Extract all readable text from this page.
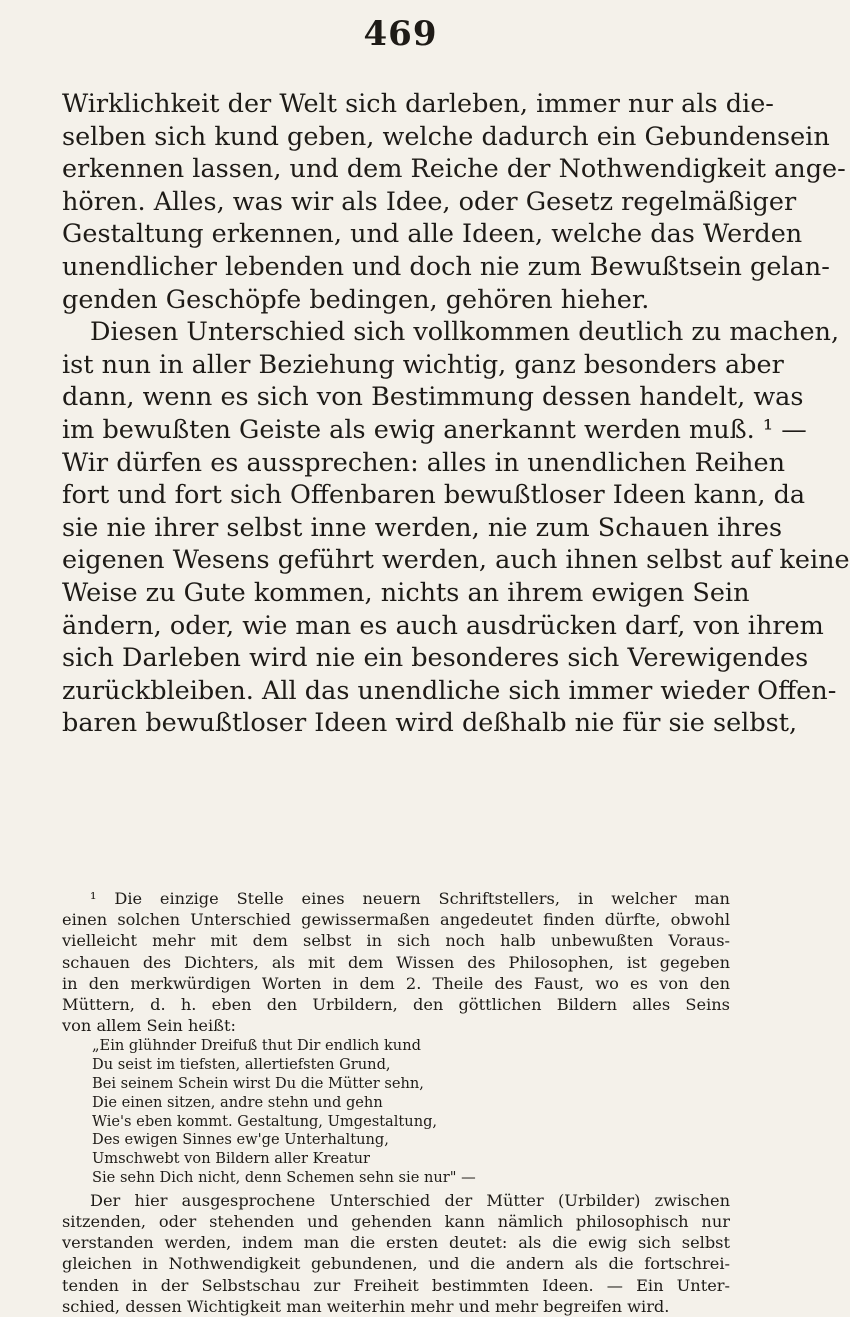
469
Wirklichkeit der Welt sich darleben, immer nur als die-
selben sich kund geben, welche dadurch ein Gebundensein
erkennen lassen, und dem Reiche der Nothwendigkeit ange-
hören. Alles, was wir als Idee, oder Gesetz regelmäßiger
Gestaltung erkennen, und alle Ideen, welche das Werden
unendlicher lebenden und doch nie zum Bewußtsein gelan-
genden Geschöpfe bedingen, gehören hieher.
Diesen Unterschied sich vollkommen deutlich zu machen,
ist nun in aller Beziehung wichtig, ganz besonders aber
dann, wenn es sich von Bestimmung dessen handelt, was
im bewußten Geiste als ewig anerkannt werden muß. ¹ —
Wir dürfen es aussprechen: alles in unendlichen Reihen
fort und fort sich Offenbaren bewußtloser Ideen kann, da
sie nie ihrer selbst inne werden, nie zum Schauen ihres
eigenen Wesens geführt werden, auch ihnen selbst auf keine
Weise zu Gute kommen, nichts an ihrem ewigen Sein
ändern, oder, wie man es auch ausdrücken darf, von ihrem
sich Darleben wird nie ein besonderes sich Verewigendes
zurückbleiben. All das unendliche sich immer wieder Offen-
baren bewußtloser Ideen wird deßhalb nie für sie selbst,
¹ Die einzige Stelle eines neuern Schriftstellers, in welcher man
einen solchen Unterschied gewissermaßen angedeutet finden dürfte, obwohl
vielleicht mehr mit dem selbst in sich noch halb unbewußten Voraus-
schauen des Dichters, als mit dem Wissen des Philosophen, ist gegeben
in den merkwürdigen Worten in dem 2. Theile des Faust, wo es von den
Müttern, d. h. eben den Urbildern, den göttlichen Bildern alles Seins
von allem Sein heißt:
„Ein glühnder Dreifuß thut Dir endlich kund
Du seist im tiefsten, allertiefsten Grund,
Bei seinem Schein wirst Du die Mütter sehn,
Die einen sitzen, andre stehn und gehn
Wie's eben kommt. Gestaltung, Umgestaltung,
Des ewigen Sinnes ew'ge Unterhaltung,
Umschwebt von Bildern aller Kreatur
Sie sehn Dich nicht, denn Schemen sehn sie nur" —
Der hier ausgesprochene Unterschied der Mütter (Urbilder) zwischen
sitzenden, oder stehenden und gehenden kann nämlich philosophisch nur
verstanden werden, indem man die ersten deutet: als die ewig sich selbst
gleichen in Nothwendigkeit gebundenen, und die andern als die fortschrei-
tenden in der Selbstschau zur Freiheit bestimmten Ideen. — Ein Unter-
schied, dessen Wichtigkeit man weiterhin mehr und mehr begreifen wird.
